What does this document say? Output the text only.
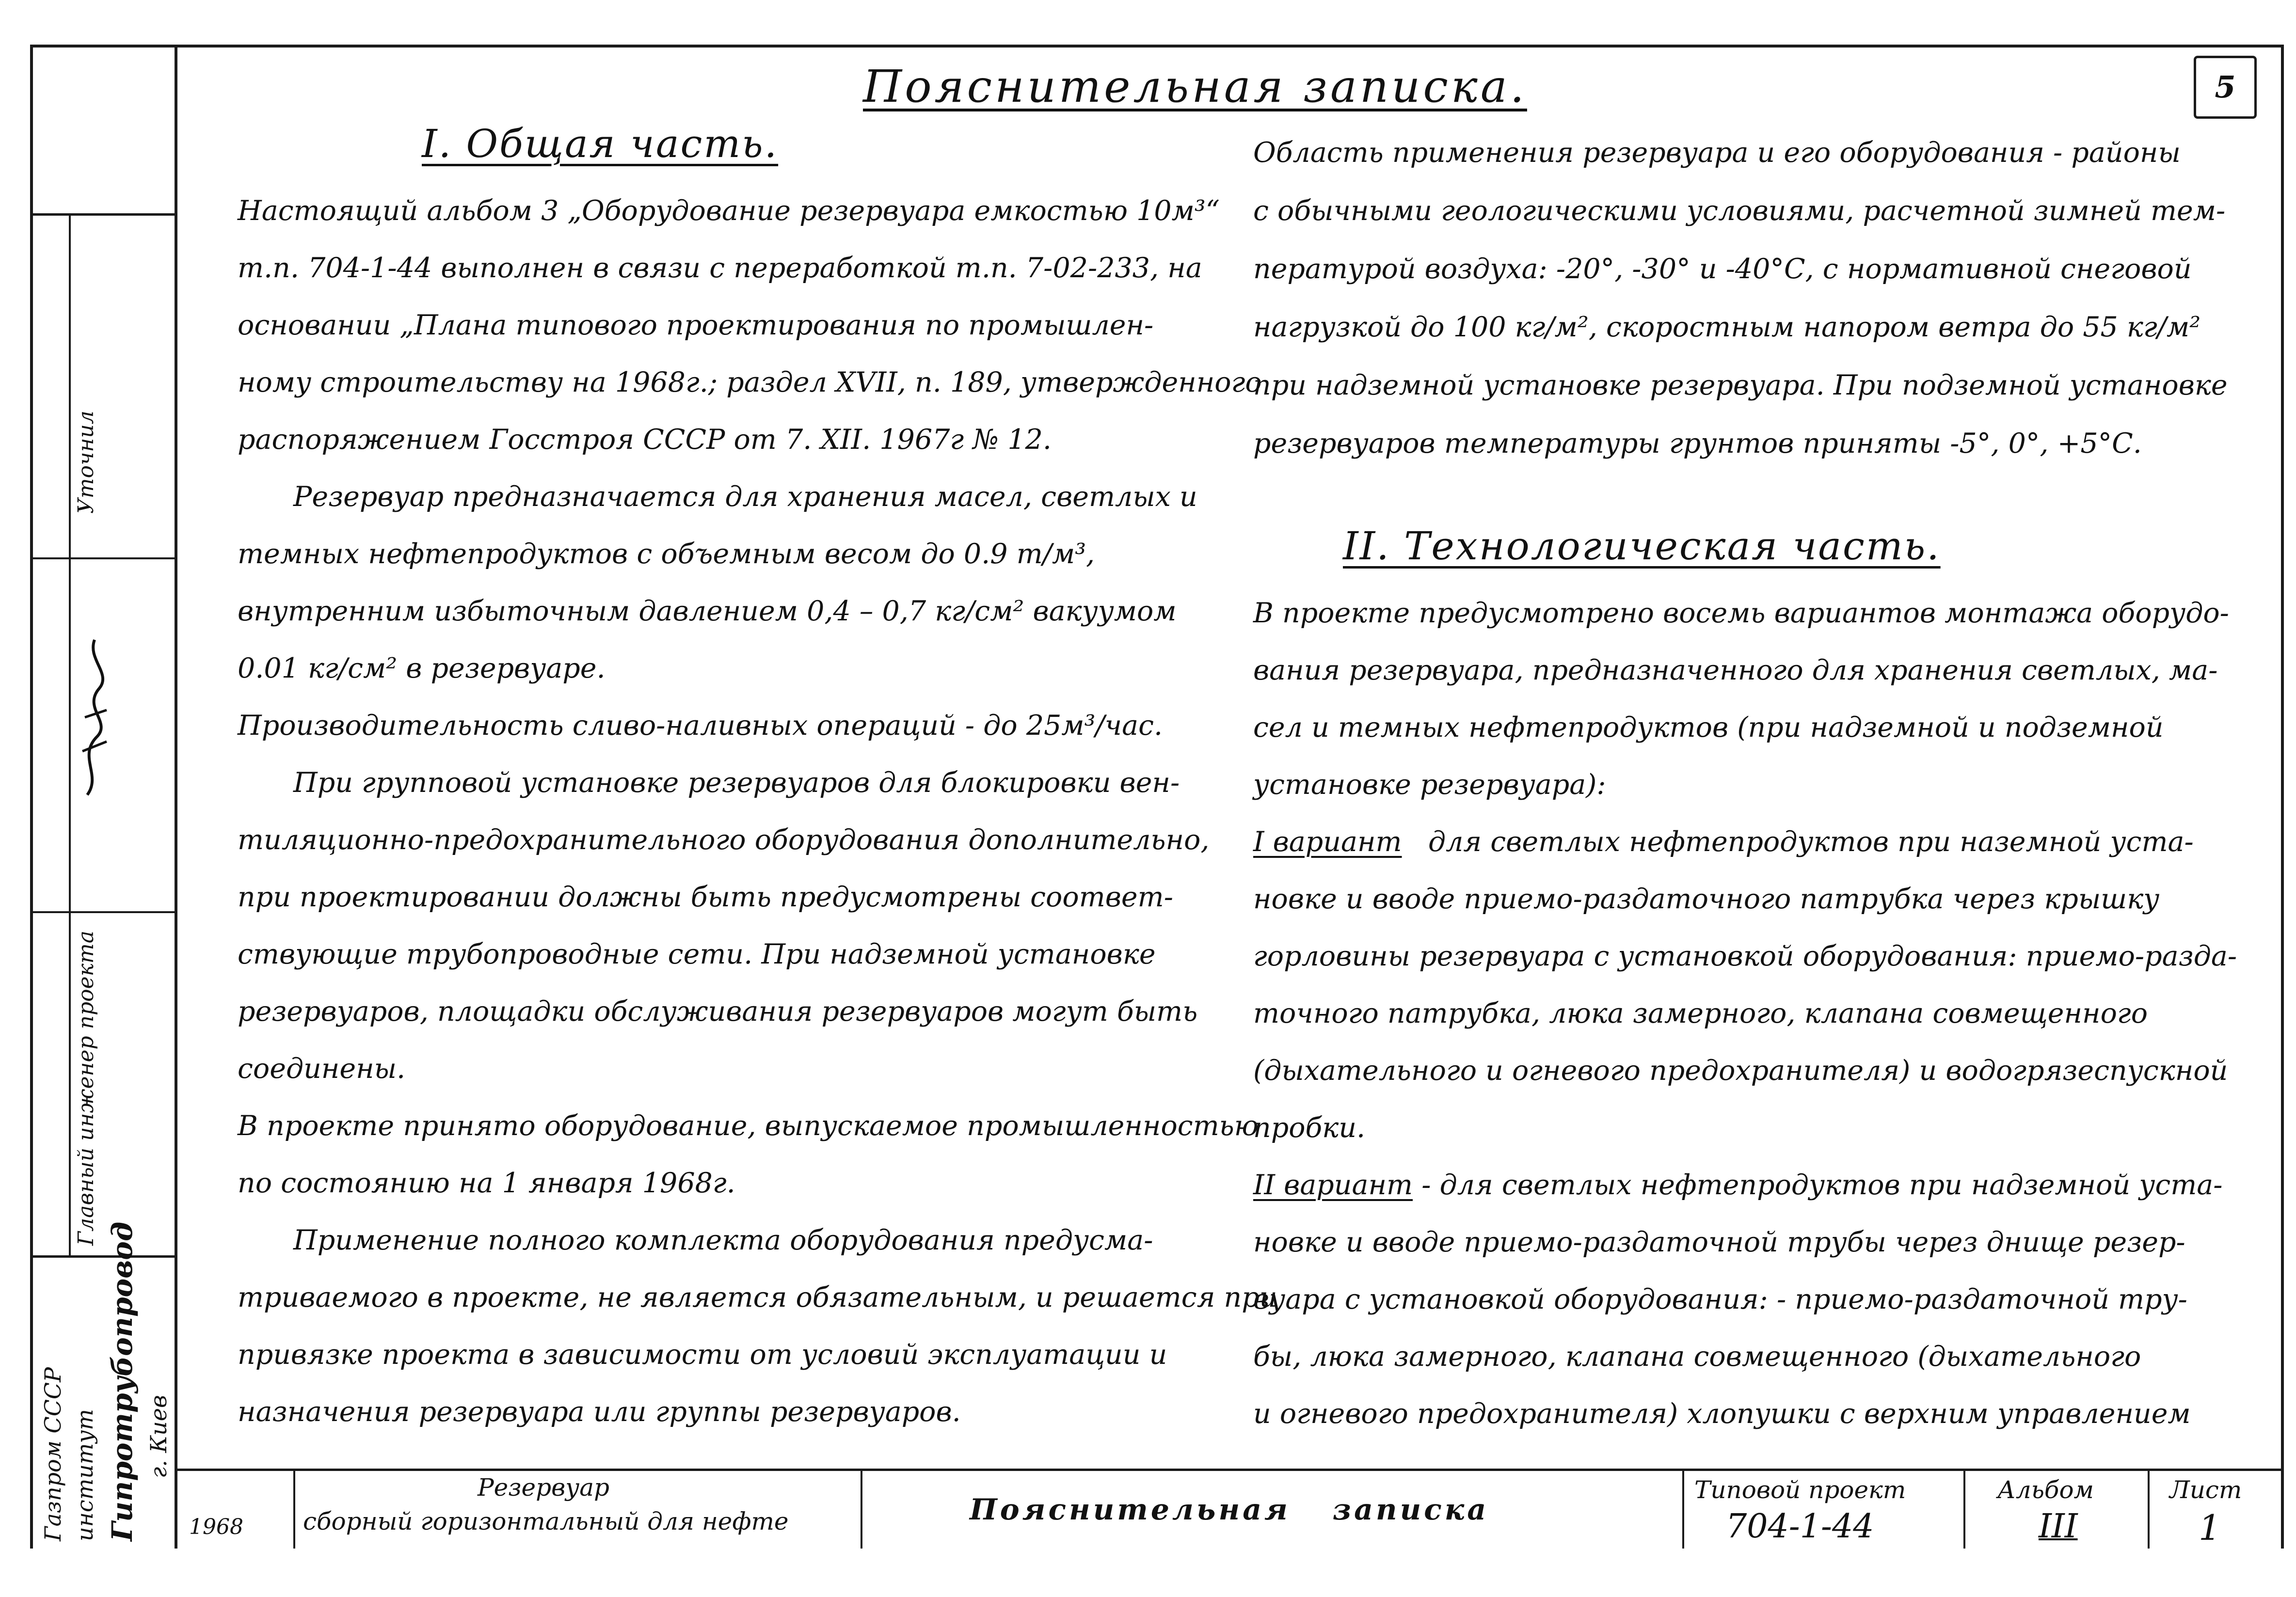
Уточнил
Главный инженер проекта
Газпром СССР институт Гипротрубопровод г. Киев
5
Пояснительная записка.
I. Общая часть.
Настоящий альбом 3 „Оборудование резервуара емкостью 10м³“
т.п. 704-1-44 выполнен в связи с переработкой т.п. 7-02-233, на
основании „Плана типового проектирования по промышлен-
ному строительству на 1968г.; раздел XVII, п. 189, утвержденного
распоряжением Госстроя СССР от 7. XII. 1967г № 12.
Резервуар предназначается для хранения масел, светлых и
темных нефтепродуктов с объемным весом до 0.9 т/м³,
внутренним избыточным давлением 0,4 – 0,7 кг/см² вакуумом
0.01 кг/см² в резервуаре.
Производительность сливо-наливных операций - до 25м³/час.
При групповой установке резервуаров для блокировки вен-
тиляционно-предохранительного оборудования дополнительно,
при проектировании должны быть предусмотрены соответ-
ствующие трубопроводные сети. При надземной установке
резервуаров, площадки обслуживания резервуаров могут быть
соединены.
В проекте принято оборудование, выпускаемое промышленностью
по состоянию на 1 января 1968г.
Применение полного комплекта оборудования предуcма-
триваемого в проекте, не является обязательным, и решается при
привязке проекта в зависимости от условий эксплуатации и
назначения резервуара или группы резервуаров.
Область применения резервуара и его оборудования - районы
с обычными геологическими условиями, расчетной зимней тем-
пературой воздуха: -20°, -30° и -40°С, с нормативной снеговой
нагрузкой до 100 кг/м², скоростным напором ветра до 55 кг/м²
при надземной установке резервуара. При подземной установке
резервуаров температуры грунтов приняты -5°, 0°, +5°С.
II. Технологическая часть.
В проекте предусмотрено восемь вариантов монтажа оборудо-
вания резервуара, предназначенного для хранения светлых, ма-
сел и темных нефтепродуктов (при надземной и подземной
установке резервуара):
I вариант для светлых нефтепродуктов при наземной уста-
новке и вводе приемо-раздаточного патрубка через крышку
горловины резервуара с установкой оборудования: приемо-разда-
точного патрубка, люка замерного, клапана совмещенного
(дыхательного и огневого предохранителя) и водогрязеспускной
пробки.
II вариант - для светлых нефтепродуктов при надземной уста-
новке и вводе приемо-раздаточной трубы через днище резер-
вуара с установкой оборудования: - приемо-раздаточной тру-
бы, люка замерного, клапана совмещенного (дыхательного
и огневого предохранителя) хлопушки с верхним управлением
1968
Резервуар
сборный горизонтальный для нефте	Пояснительная записка
Типовой проект
704-1-44
Альбом
III
Лист
1
